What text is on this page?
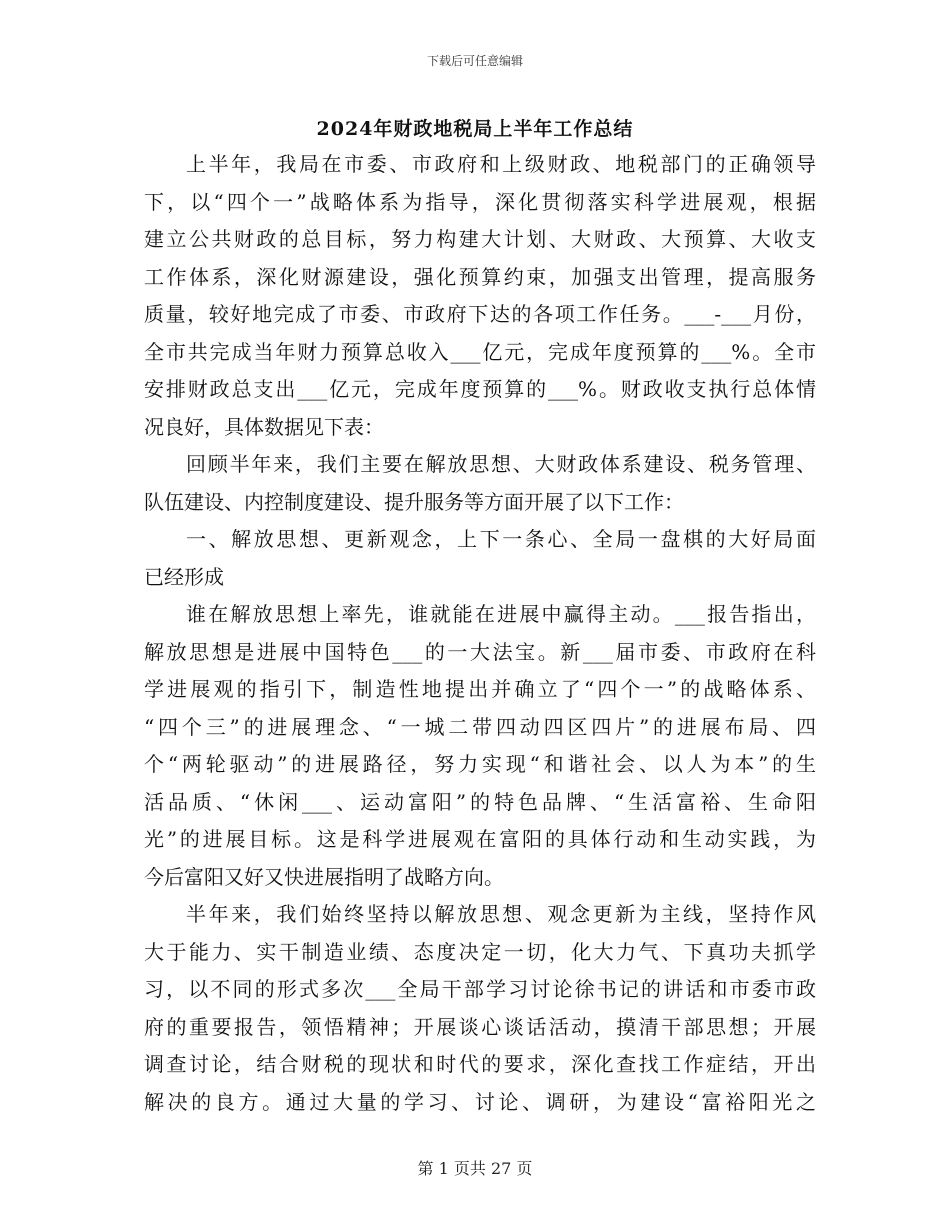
下载后可任意编辑
2024年财政地税局上半年工作总结
上半年，我局在市委、市政府和上级财政、地税部门的正确领导
下，以“四个一”战略体系为指导，深化贯彻落实科学进展观，根据
建立公共财政的总目标，努力构建大计划、大财政、大预算、大收支
工作体系，深化财源建设，强化预算约束，加强支出管理，提高服务
质量，较好地完成了市委、市政府下达的各项工作任务。___-___月份，
全市共完成当年财力预算总收入___亿元，完成年度预算的___%。全市
安排财政总支出___亿元，完成年度预算的___%。财政收支执行总体情
况良好，具体数据见下表：
回顾半年来，我们主要在解放思想、大财政体系建设、税务管理、
队伍建设、内控制度建设、提升服务等方面开展了以下工作：
一、解放思想、更新观念，上下一条心、全局一盘棋的大好局面
已经形成
谁在解放思想上率先，谁就能在进展中赢得主动。___报告指出，
解放思想是进展中国特色___的一大法宝。新___届市委、市政府在科
学进展观的指引下，制造性地提出并确立了“四个一”的战略体系、
“四个三”的进展理念、“一城二带四动四区四片”的进展布局、四
个“两轮驱动”的进展路径，努力实现“和谐社会、以人为本”的生
活品质、“休闲___、运动富阳”的特色品牌、“生活富裕、生命阳
光”的进展目标。这是科学进展观在富阳的具体行动和生动实践，为
今后富阳又好又快进展指明了战略方向。
半年来，我们始终坚持以解放思想、观念更新为主线，坚持作风
大于能力、实干制造业绩、态度决定一切，化大力气、下真功夫抓学
习，以不同的形式多次___全局干部学习讨论徐书记的讲话和市委市政
府的重要报告，领悟精神；开展谈心谈话活动，摸清干部思想；开展
调查讨论，结合财税的现状和时代的要求，深化查找工作症结，开出
解决的良方。通过大量的学习、讨论、调研，为建设“富裕阳光之
第 1 页共 27 页
